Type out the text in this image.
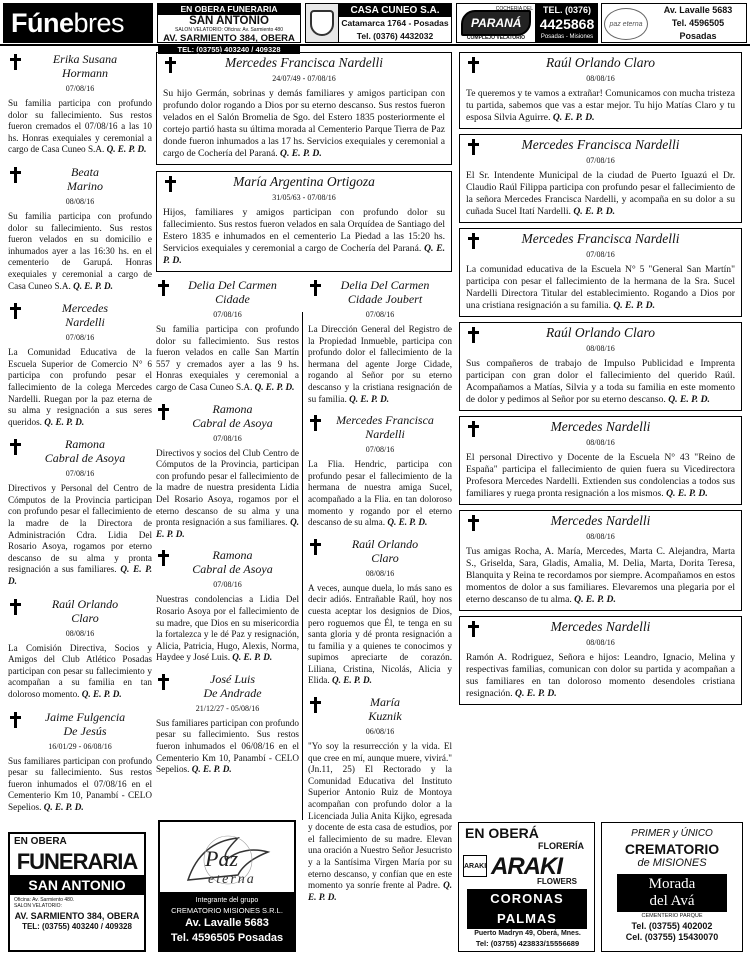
Fúnebres	EN OBERA FUNERARIA
SAN ANTONIO
SALON VELATORIO: Oficina: Av. Sarmiento 480
AV. SARMIENTO 384, OBERA
TEL: (03755) 403240 / 409328
CASA CUNEO S.A.
Catamarca 1764 - Posadas
Tel. (0376) 4432032
COCHERIA DEL
PARANÁ
COMPLEJO VELATORIO
TEL. (0376)
4425868
Posadas - Misiones
paz eterna
Av. Lavalle 5683
Tel. 4596505
Posadas
Erika Susana
Hormann
07/08/16
Su familia participa con profundo dolor su fallecimiento. Sus restos fueron cremados el 07/08/16 a las 10 hs. Honras exequiales y ceremonial a cargo de Casa Cuneo S.A. Q. E. P. D.
Beata
Marino
08/08/16
Su familia participa con profundo dolor su fallecimiento. Sus restos fueron velados en su domicilio e inhumados ayer a las 16:30 hs. en el cementerio de Garupá. Honras exequiales y ceremonial a cargo de Casa Cuneo S.A. Q. E. P. D.
Mercedes
Nardelli
07/08/16
La Comunidad Educativa de la Escuela Superior de Comercio N° 6 participa con profundo pesar el fallecimiento de la colega Mercedes Nardelli. Ruegan por la paz eterna de su alma y resignación a sus seres queridos. Q. E. P. D.
Ramona
Cabral de Asoya
07/08/16
Directivos y Personal del Centro de Cómputos de la Provincia participan con profundo pesar el fallecimiento de la madre de la Directora de Administración Cdra. Lidia Del Rosario Asoya, rogamos por eterno descanso de su alma y pronta resignación a sus familiares. Q. E. P. D.
Raúl Orlando
Claro
08/08/16
La Comisión Directiva, Socios y Amigos del Club Atlético Posadas participan con pesar su fallecimiento y acompañan a su familia en tan doloroso momento. Q. E. P. D.
Jaime Fulgencia
De Jesús
16/01/29 - 06/08/16
Sus familiares participan con profundo pesar su fallecimiento. Sus restos fueron inhumados el 07/08/16 en el Cementerio Km 10, Panambí - CELO Sepelios. Q. E. P. D.
Mercedes Francisca Nardelli
24/07/49 - 07/08/16
Su hijo Germán, sobrinas y demás familiares y amigos participan con profundo dolor rogando a Dios por su eterno descanso. Sus restos fueron velados en el Salón Bromelia de Sgo. del Estero 1835 posteriormente el cortejo partió hasta su última morada al Cementerio Parque Tierra de Paz donde fueron inhumados a las 17 hs. Servicios exequiales y ceremonial a cargo de Cochería del Paraná. Q. E. P. D.
María Argentina Ortigoza
31/05/63 - 07/08/16
Hijos, familiares y amigos participan con profundo dolor su fallecimiento. Sus restos fueron velados en sala Orquídea de Santiago del Estero 1835 e inhumados en el cementerio La Piedad a las 15:20 hs. Servicios exequiales y ceremonial a cargo de Cochería del Paraná. Q. E. P. D.
Delia Del Carmen
Cidade
07/08/16
Su familia participa con profundo dolor su fallecimiento. Sus restos fueron velados en calle San Martín 557 y cremados ayer a las 9 hs. Honras exequiales y ceremonial a cargo de Casa Cuneo S.A. Q. E. P. D.
Ramona
Cabral de Asoya
07/08/16
Directivos y socios del Club Centro de Cómputos de la Provincia, participan con profundo pesar el fallecimiento de la madre de nuestra presidenta Lidia Del Rosario Asoya, rogamos por el eterno descanso de su alma y una pronta resignación a sus familiares. Q. E. P. D.
Ramona
Cabral de Asoya
07/08/16
Nuestras condolencias a Lidia Del Rosario Asoya por el fallecimiento de su madre, que Dios en su misericordia la fortalezca y le dé Paz y resignación, Alicia, Patricia, Hugo, Alexis, Norma, Haydee y José Luis. Q. E. P. D.
José Luis
De Andrade
21/12/27 - 05/08/16
Sus familiares participan con profundo pesar su fallecimiento. Sus restos fueron inhumados el 06/08/16 en el Cementerio Km 10, Panambí - CELO Sepelios. Q. E. P. D.
Delia Del Carmen
Cidade Joubert
07/08/16
La Dirección General del Registro de la Propiedad Inmueble, participa con profundo dolor el fallecimiento de la hermana del agente Jorge Cidade, rogando al Señor por su eterno descanso y la cristiana resignación de su familia. Q. E. P. D.
Mercedes Francisca
Nardelli
07/08/16
La Flia. Hendric, participa con profundo pesar el fallecimiento de la hermana de nuestra amiga Sucel, acompañado a la Flia. en tan doloroso momento y rogando por el eterno descanso de su alma. Q. E. P. D.
Raúl Orlando
Claro
08/08/16
A veces, aunque duela, lo más sano es decir adiós. Entrañable Raúl, hoy nos cuesta aceptar los designios de Dios, pero roguemos que Él, te tenga en su santa gloria y dé pronta resignación a tu familia y a quienes te conocimos y supimos apreciarte de corazón. Liliana, Cristina, Nicolás, Alicia y Elida. Q. E. P. D.
María
Kuznik
06/08/16
"Yo soy la resurrección y la vida. El que cree en mí, aunque muere, vivirá." (Jn.11, 25) El Rectorado y la Comunidad Educativa del Instituto Superior Antonio Ruiz de Montoya acompañan con profundo dolor a la Licenciada Julia Anita Kijko, egresada y docente de esta casa de estudios, por el fallecimiento de su madre. Elevan una oración a Nuestro Señor Jesucristo y a la Santísima Virgen María por su eterno descanso, y confían que en este momento ya sonríe frente al Padre. Q. E. P. D.
Raúl Orlando Claro
08/08/16
Te queremos y te vamos a extrañar! Comunicamos con mucha tristeza tu partida, sabemos que vas a estar mejor. Tu hijo Matías Claro y tu esposa Silvia Aguirre. Q. E. P. D.
Mercedes Francisca Nardelli
07/08/16
El Sr. Intendente Municipal de la ciudad de Puerto Iguazú el Dr. Claudio Raúl Filippa participa con profundo pesar el fallecimiento de la señora Mercedes Francisca Nardelli, y acompaña en su dolor a su cuñada Sucel Itatí Nardelli. Q. E. P. D.
Mercedes Francisca Nardelli
07/08/16
La comunidad educativa de la Escuela N° 5 "General San Martín" participa con pesar el fallecimiento de la hermana de la Sra. Sucel Nardelli Directora Titular del establecimiento. Rogando a Dios por una cristiana resignación a su familia. Q. E. P. D.
Raúl Orlando Claro
08/08/16
Sus compañeros de trabajo de Impulso Publicidad e Imprenta participan con gran dolor el fallecimiento del querido Raúl. Acompañamos a Matías, Silvia y a toda su familia en este momento de dolor y pedimos al Señor por su eterno descanso. Q. E. P. D.
Mercedes Nardelli
08/08/16
El personal Directivo y Docente de la Escuela N° 43 "Reino de España" participa el fallecimiento de quien fuera su Vicedirectora Profesora Mercedes Nardelli. Extienden sus condolencias a todos sus familiares y ruega pronta resignación a los mismos. Q. E. P. D.
Mercedes Nardelli
08/08/16
Tus amigas Rocha, A. María, Mercedes, Marta C. Alejandra, Marta S., Griselda, Sara, Gladis, Amalia, M. Delia, Marta, Dorita Teresa, Blanquita y Reina te recordamos por siempre. Acompañamos en estos momentos de dolor a sus familiares. Elevaremos una plegaria por el eterno descanso de tu alma. Q. E. P. D.
Mercedes Nardelli
08/08/16
Ramón A. Rodriguez, Señora e hijos: Leandro, Ignacio, Melina y respectivas familias, comunican con dolor su partida y acompañan a sus familiares en tan doloroso momento desendoles cristiana resignación. Q. E. P. D.
EN OBERA
FUNERARIA
SAN ANTONIO
Oficina: Av. Sarmiento 480.
SALON VELATORIO:
AV. SARMIENTO 384, OBERA
TEL: (03755) 403240 / 409328
Paz
eterna
Integrante del grupo
CREMATORIO MISIONES S.R.L.
Av. Lavalle 5683
Tel. 4596505 Posadas
EN OBERÁ
FLORERÍA
ARAKI ARAKI
FLOWERS
CORONAS
PALMAS
Puerto Madryn 49, Oberá, Mnes.
Tel: (03755) 423833/15556689
PRIMER y ÚNICO
CREMATORIO
de MISIONES
Morada
del Avá
CEMENTERIO PARQUE
Tel. (03755) 402002
Cel. (03755) 15430070
